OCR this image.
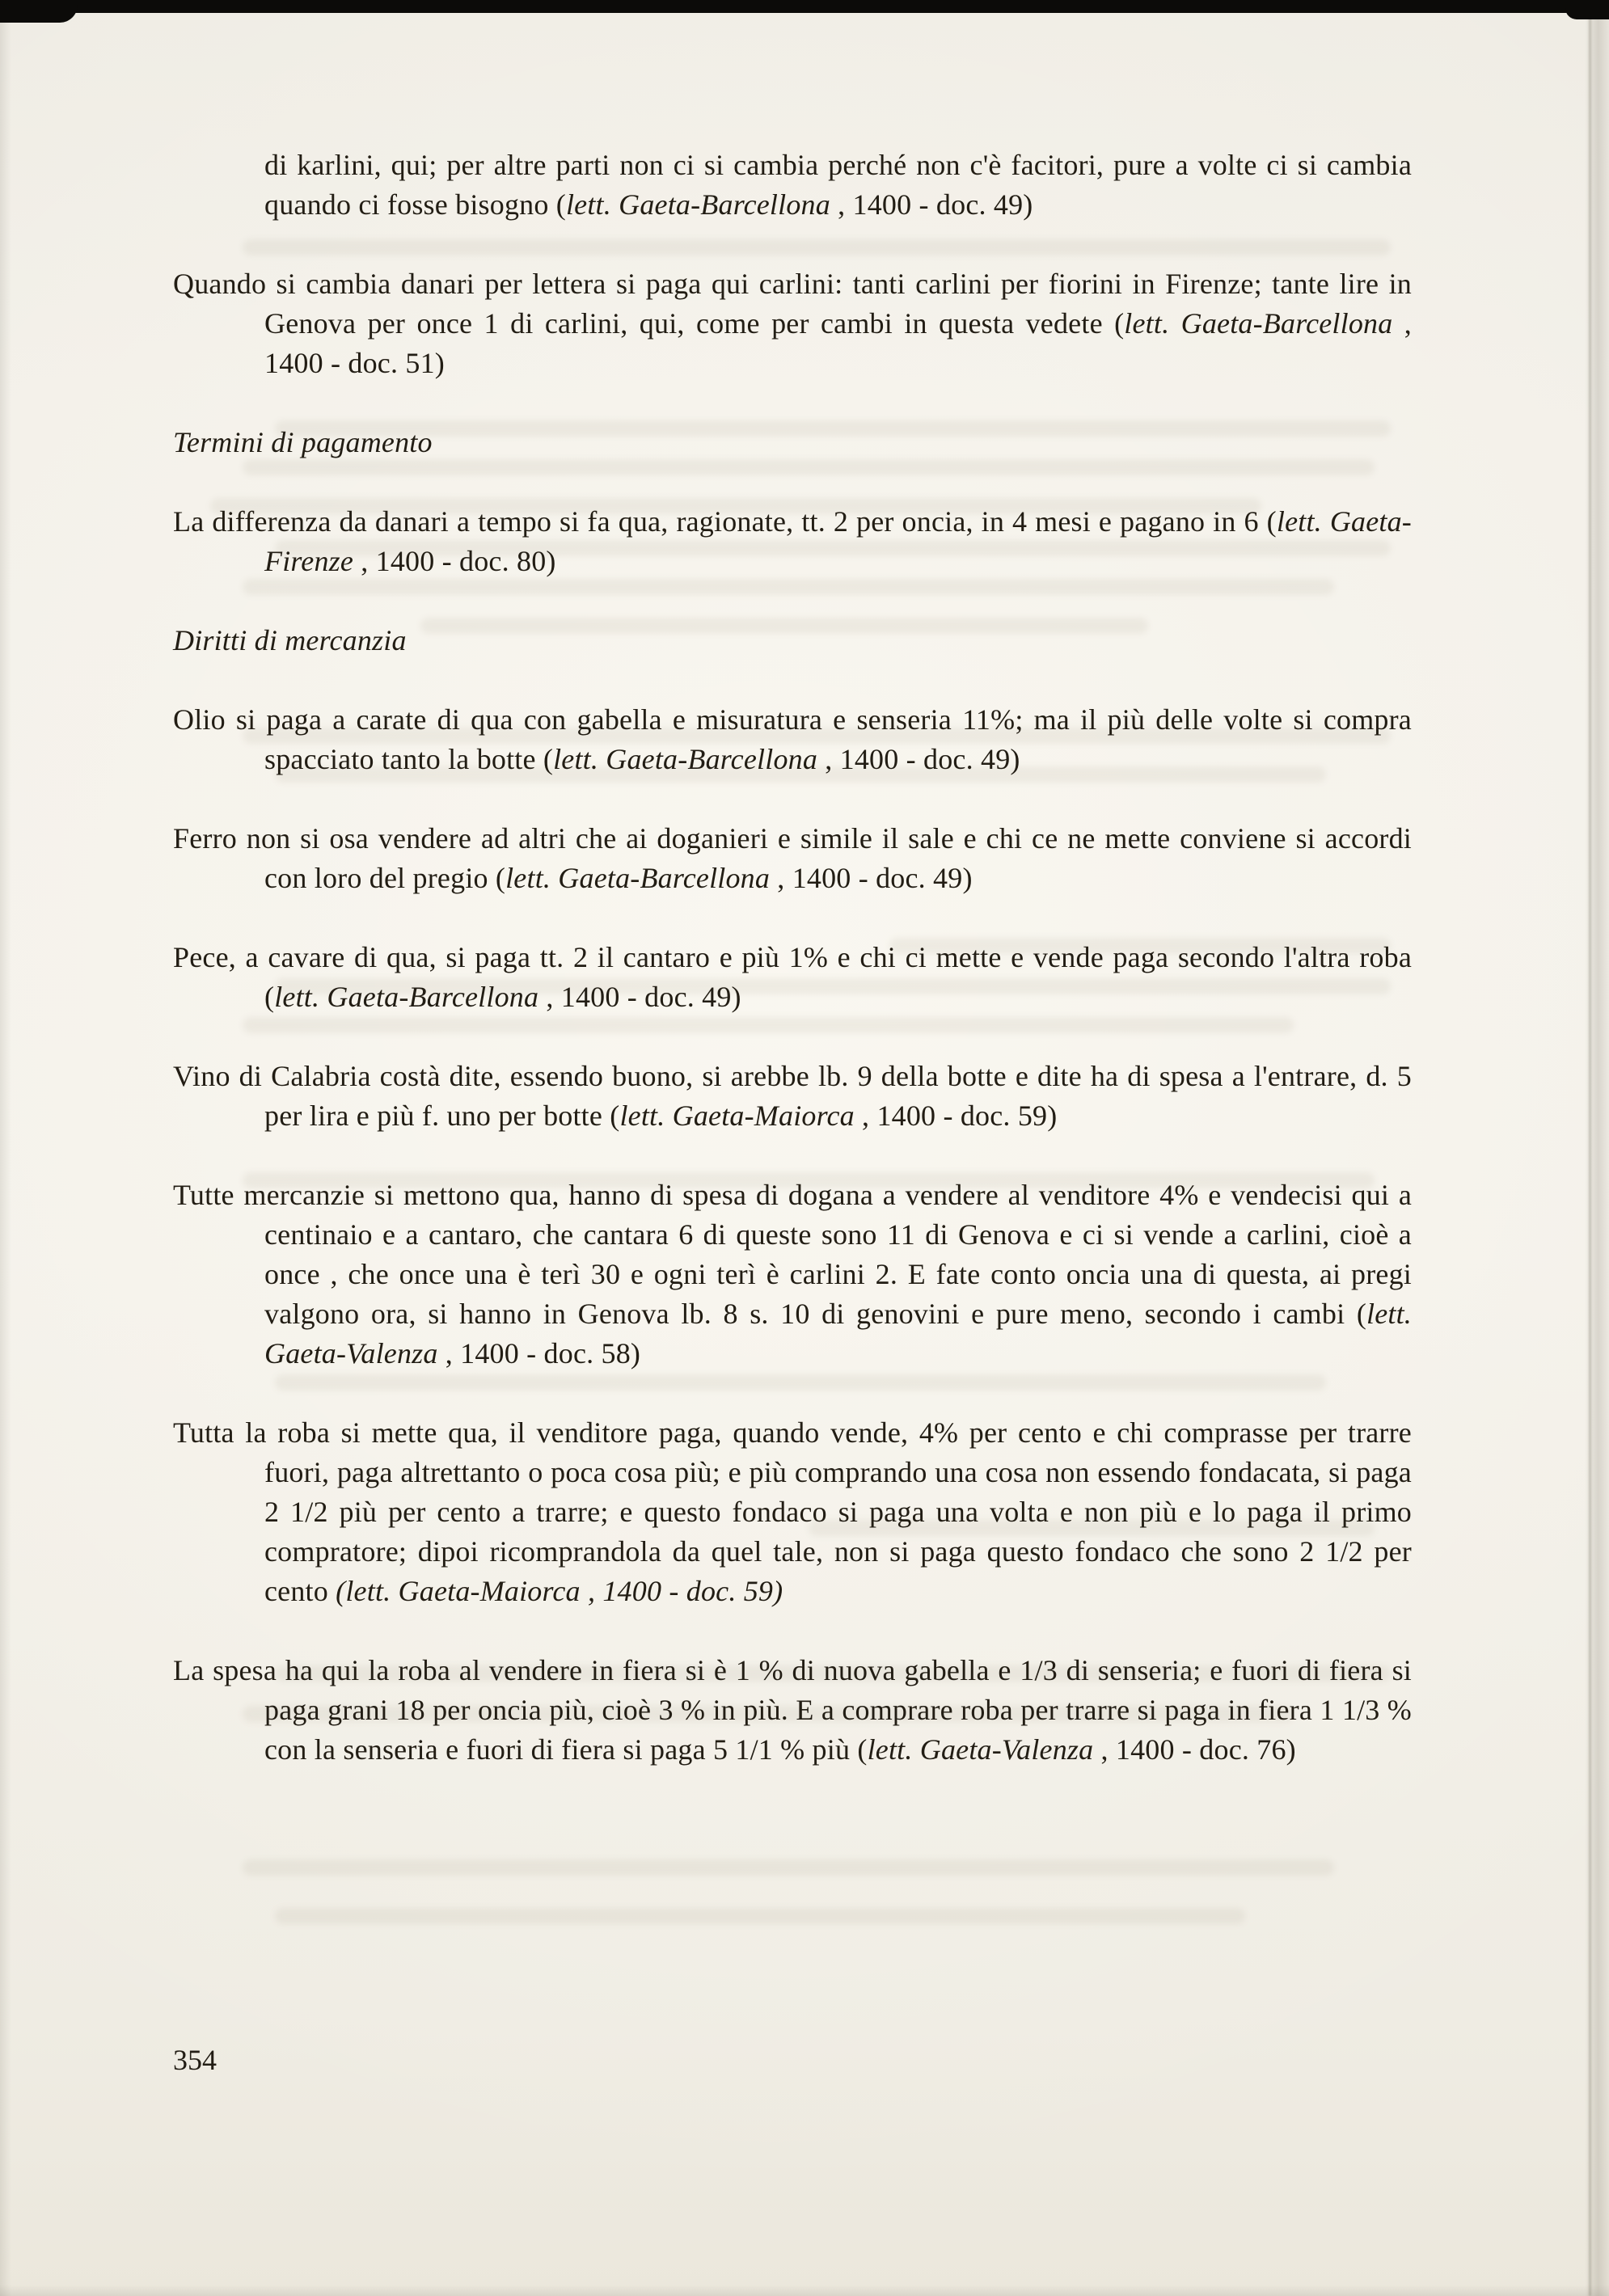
di karlini, qui; per altre parti non ci si cambia perché non c'è facitori, pure a volte ci si cambia quando ci fosse bisogno (lett. Gaeta-Barcellona , 1400 - doc. 49)

Quando si cambia danari per lettera si paga qui carlini: tanti carlini per fiorini in Firenze; tante lire in Genova per once 1 di carlini, qui, come per cambi in questa vedete (lett. Gaeta-Barcellona , 1400 - doc. 51)

Termini di pagamento

La differenza da danari a tempo si fa qua, ragionate, tt. 2 per oncia, in 4 mesi e pagano in 6 (lett. Gaeta-Firenze , 1400 - doc. 80)

Diritti di mercanzia

Olio si paga a carate di qua con gabella e misuratura e senseria 11%; ma il più delle volte si compra spacciato tanto la botte (lett. Gaeta-Barcellona , 1400 - doc. 49)

Ferro non si osa vendere ad altri che ai doganieri e simile il sale e chi ce ne mette conviene si accordi con loro del pregio (lett. Gaeta-Barcellona , 1400 - doc. 49)

Pece, a cavare di qua, si paga tt. 2 il cantaro e più 1% e chi ci mette e vende paga secondo l'altra roba (lett. Gaeta-Barcellona , 1400 - doc. 49)

Vino di Calabria costà dite, essendo buono, si arebbe lb. 9 della botte e dite ha di spesa a l'entrare, d. 5 per lira e più f. uno per botte (lett. Gaeta-Maiorca , 1400 - doc. 59)

Tutte mercanzie si mettono qua, hanno di spesa di dogana a vendere al venditore 4% e vendecisi qui a centinaio e a cantaro, che cantara 6 di queste sono 11 di Genova e ci si vende a carlini, cioè a once , che once una è terì 30 e ogni terì è carlini 2. E fate conto oncia una di questa, ai pregi valgono ora, si hanno in Genova lb. 8 s. 10 di genovini e pure meno, secondo i cambi (lett. Gaeta-Valenza , 1400 - doc. 58)

Tutta la roba si mette qua, il venditore paga, quando vende, 4% per cento e chi comprasse per trarre fuori, paga altrettanto o poca cosa più; e più comprando una cosa non essendo fondacata, si paga 2 1/2 più per cento a trarre; e questo fondaco si paga una volta e non più e lo paga il primo compratore; dipoi ricomprandola da quel tale, non si paga questo fondaco che sono 2 1/2 per cento (lett. Gaeta-Maiorca , 1400 - doc. 59)

La spesa ha qui la roba al vendere in fiera si è 1 % di nuova gabella e 1/3 di senseria; e fuori di fiera si paga grani 18 per oncia più, cioè 3 % in più. E a comprare roba per trarre si paga in fiera 1 1/3 % con la senseria e fuori di fiera si paga 5 1/1 % più (lett. Gaeta-Valenza , 1400 - doc. 76)

354
